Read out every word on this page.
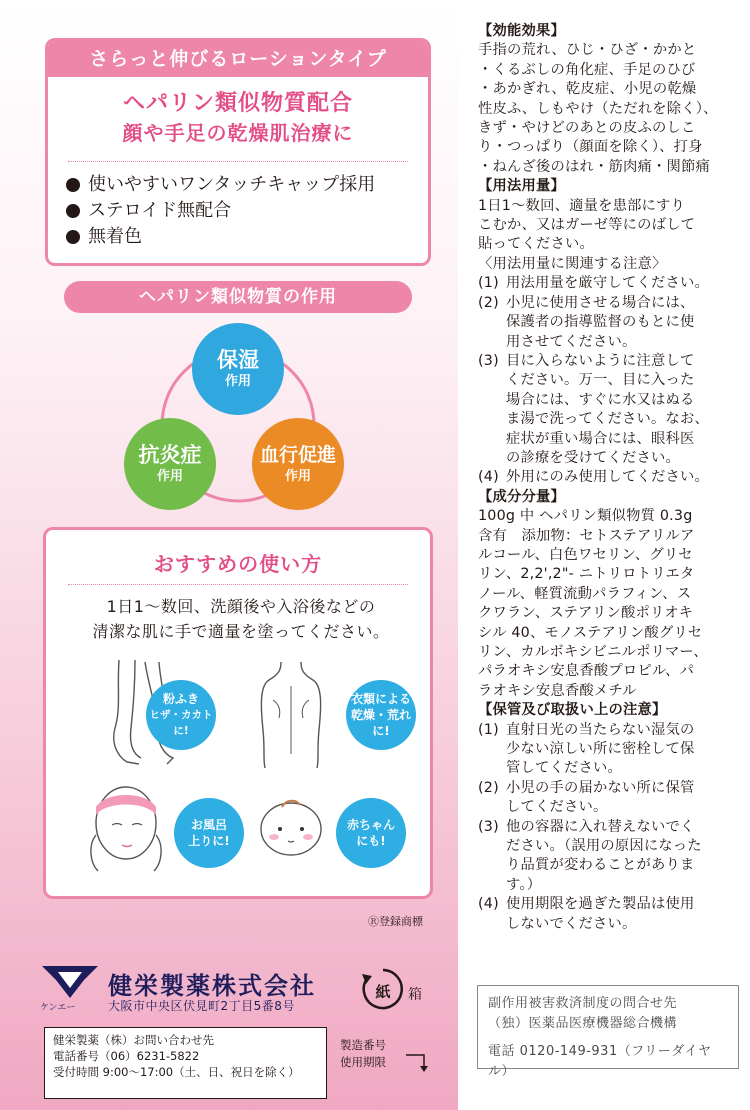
さらっと伸びるローションタイプ
ヘパリン類似物質配合
顔や手足の乾燥肌治療に
使いやすいワンタッチキャップ採用
ステロイド無配合
無着色
ヘパリン類似物質の作用
保湿
作用
抗炎症
作用
血行促進
作用
おすすめの使い方
1日1～数回、洗顔後や入浴後などの
清潔な肌に手で適量を塗ってください。
粉ふき
ヒザ・カカトに!
衣類による
乾燥・荒れに!
お風呂
上りに!
赤ちゃん
にも!
Ⓡ登録商標
ケンエー
健栄製薬株式会社
大阪市中央区伏見町2丁目5番8号
紙 箱
健栄製薬（株）お問い合わせ先
電話番号（06）6231-5822
受付時間 9:00～17:00（土、日、祝日を除く）
製造番号
使用期限
【効能効果】
手指の荒れ、ひじ・ひざ・かかと
・くるぶしの角化症、手足のひび
・あかぎれ、乾皮症、小児の乾燥
性皮ふ、しもやけ（ただれを除く）、
きず・やけどのあとの皮ふのしこ
り・つっぱり（顔面を除く）、打身
・ねんざ後のはれ・筋肉痛・関節痛
【用法用量】
1日1～数回、適量を患部にすり
こむか、又はガーゼ等にのばして
貼ってください。
〈用法用量に関連する注意〉
(1) 用法用量を厳守してください。
(2) 小児に使用させる場合には、
保護者の指導監督のもとに使
用させてください。
(3) 目に入らないように注意して
ください。万一、目に入った
場合には、すぐに水又はぬる
ま湯で洗ってください。なお、
症状が重い場合には、眼科医
の診療を受けてください。
(4) 外用にのみ使用してください。
【成分分量】
100g 中 ヘパリン類似物質 0.3g
含有　添加物：セトステアリルア
ルコール、白色ワセリン、グリセ
リン、2,2',2"- ニトリロトリエタ
ノール、軽質流動パラフィン、ス
クワラン、ステアリン酸ポリオキ
シル 40、モノステアリン酸グリセ
リン、カルボキシビニルポリマー、
パラオキシ安息香酸プロピル、パ
ラオキシ安息香酸メチル
【保管及び取扱い上の注意】
(1) 直射日光の当たらない湿気の
少ない涼しい所に密栓して保
管してください。
(2) 小児の手の届かない所に保管
してください。
(3) 他の容器に入れ替えないでく
ださい。（誤用の原因になった
り品質が変わることがありま
す。）
(4) 使用期限を過ぎた製品は使用
しないでください。
副作用被害救済制度の問合せ先
（独）医薬品医療機器総合機構
電話 0120-149-931（フリーダイヤル）
